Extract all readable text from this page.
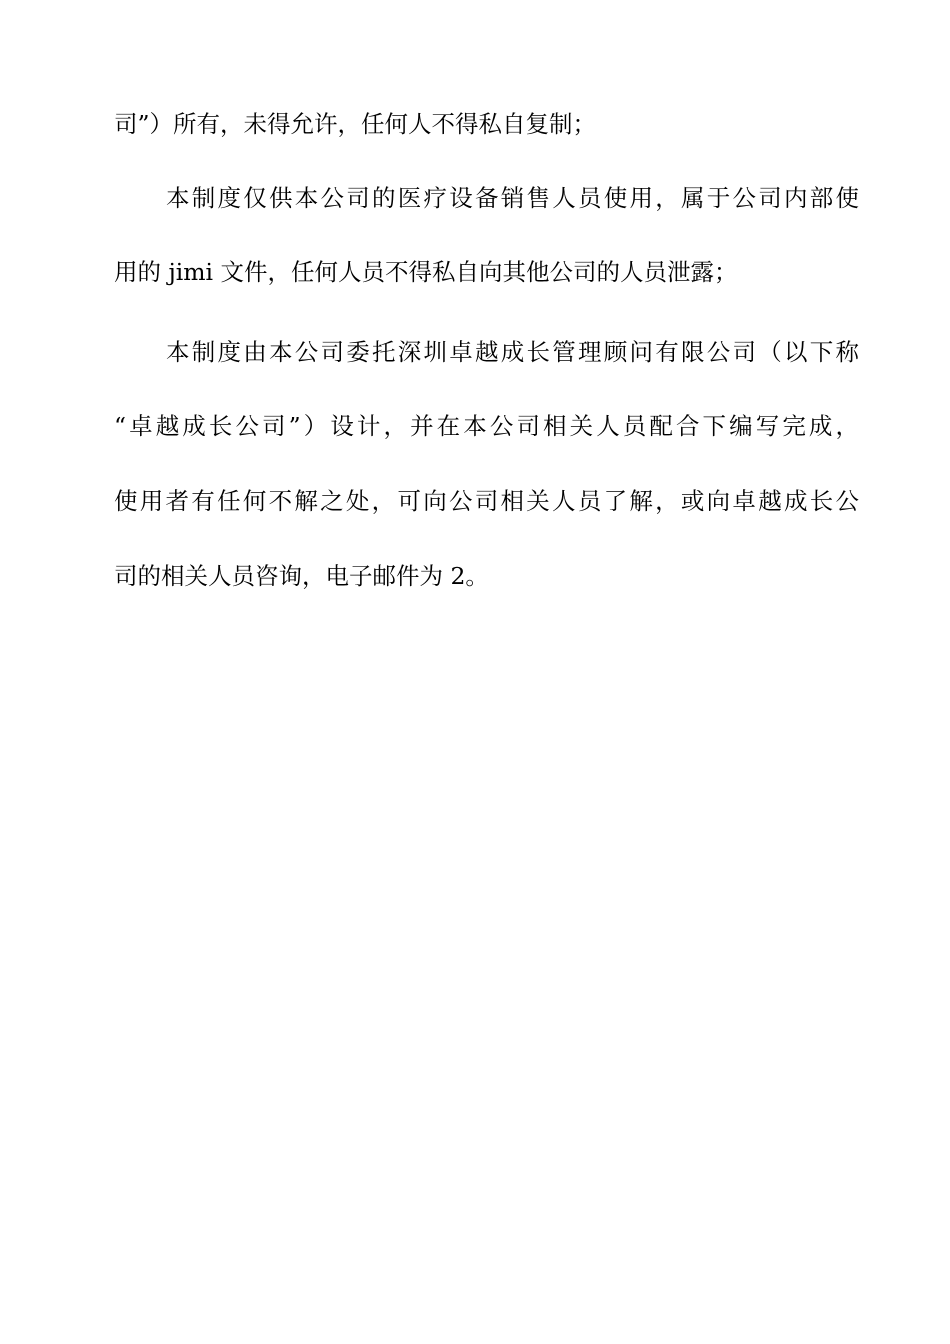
司”）所有，未得允许，任何人不得私自复制；
本制度仅供本公司的医疗设备销售人员使用，属于公司内部使
用的 jimi 文件，任何人员不得私自向其他公司的人员泄露；
本制度由本公司委托深圳卓越成长管理顾问有限公司（以下称
“卓越成长公司”）设计，并在本公司相关人员配合下编写完成，
使用者有任何不解之处，可向公司相关人员了解，或向卓越成长公
司的相关人员咨询，电子邮件为 2。
